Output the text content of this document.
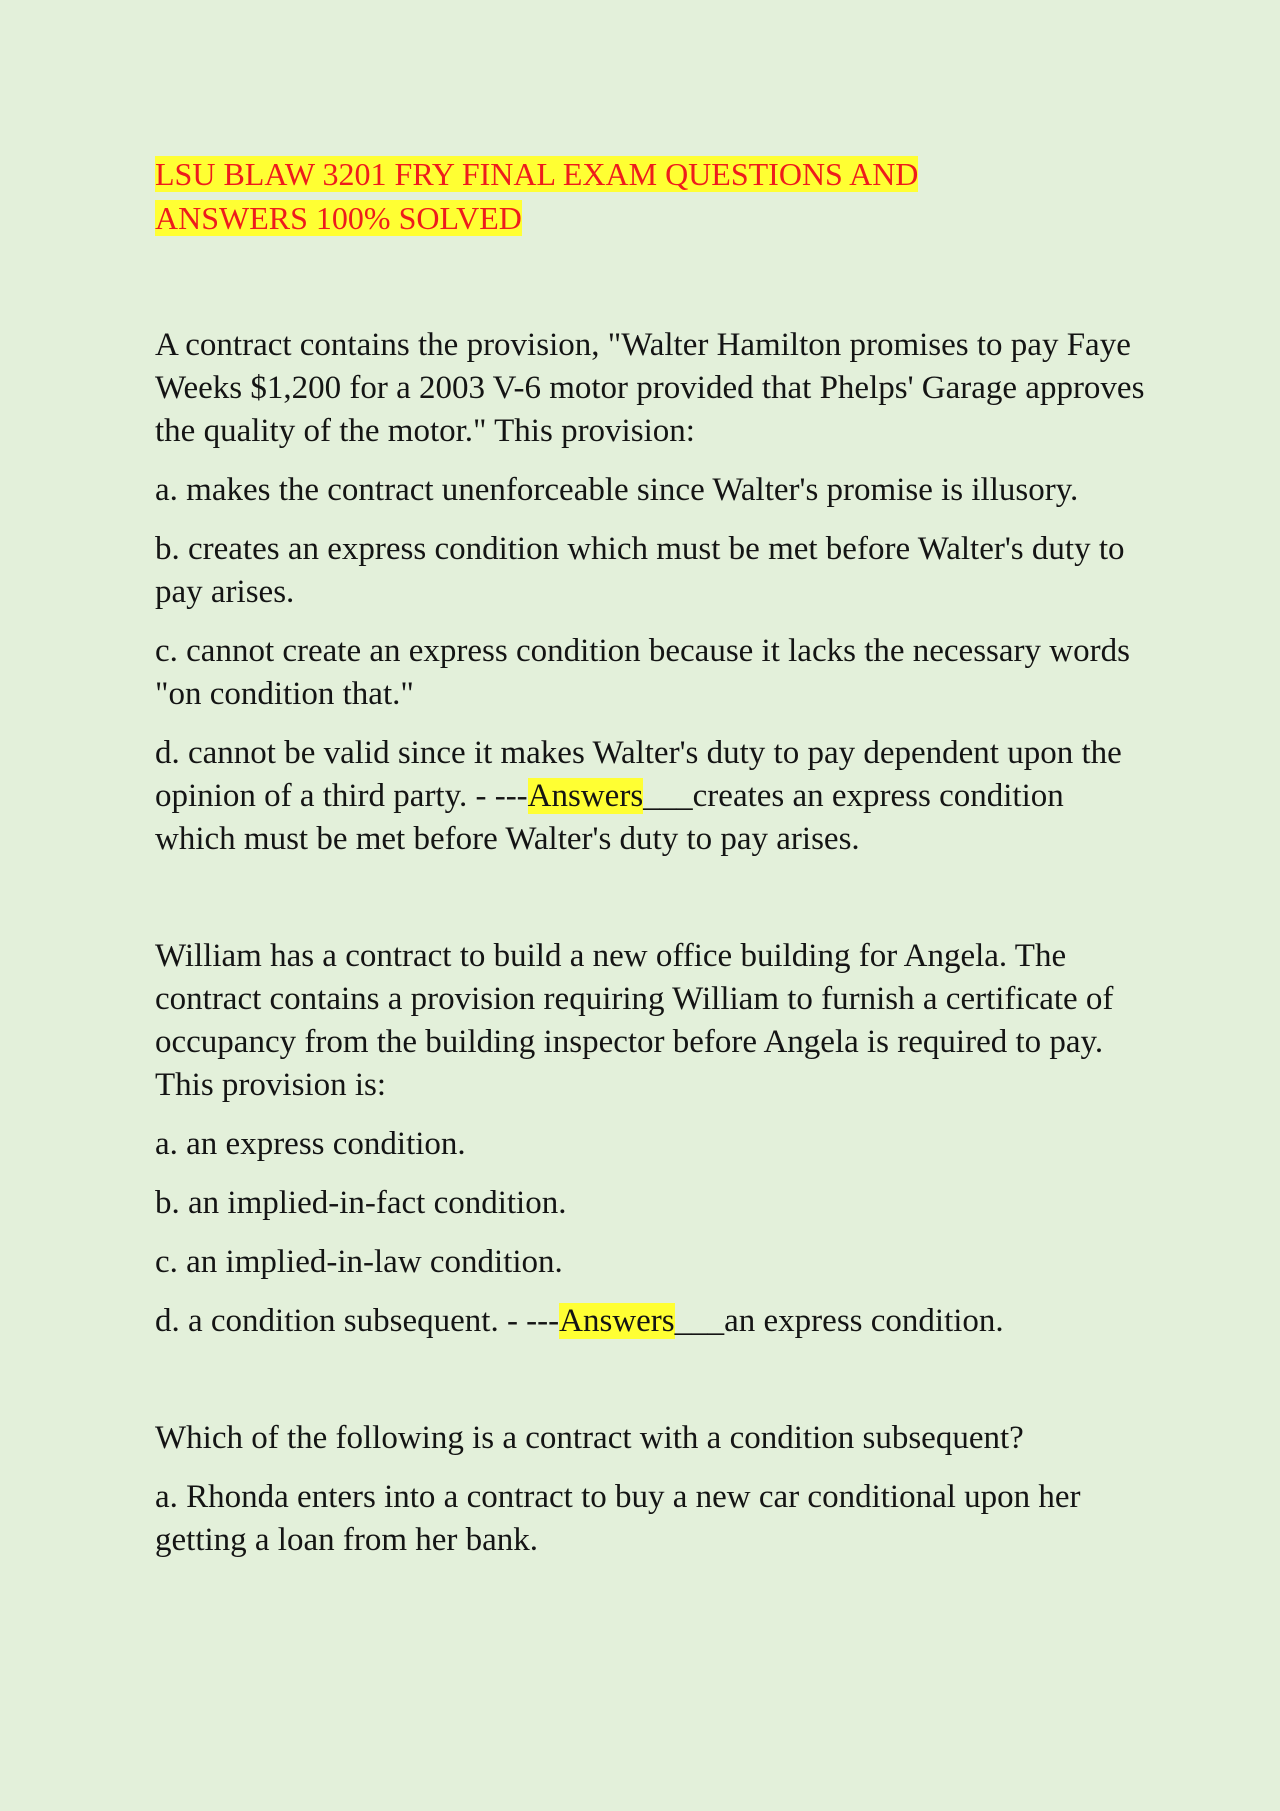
LSU BLAW 3201 FRY FINAL EXAM QUESTIONS AND
ANSWERS 100% SOLVED

A contract contains the provision, "Walter Hamilton promises to pay Faye Weeks $1,200 for a 2003 V-6 motor provided that Phelps' Garage approves the quality of the motor." This provision:

a. makes the contract unenforceable since Walter's promise is illusory.

b. creates an express condition which must be met before Walter's duty to pay arises.

c. cannot create an express condition because it lacks the necessary words "on condition that."

d. cannot be valid since it makes Walter's duty to pay dependent upon the opinion of a third party. - ---Answers___creates an express condition which must be met before Walter's duty to pay arises.

William has a contract to build a new office building for Angela. The contract contains a provision requiring William to furnish a certificate of occupancy from the building inspector before Angela is required to pay. This provision is:

a. an express condition.

b. an implied-in-fact condition.

c. an implied-in-law condition.

d. a condition subsequent. - ---Answers___an express condition.

Which of the following is a contract with a condition subsequent?

a. Rhonda enters into a contract to buy a new car conditional upon her getting a loan from her bank.
